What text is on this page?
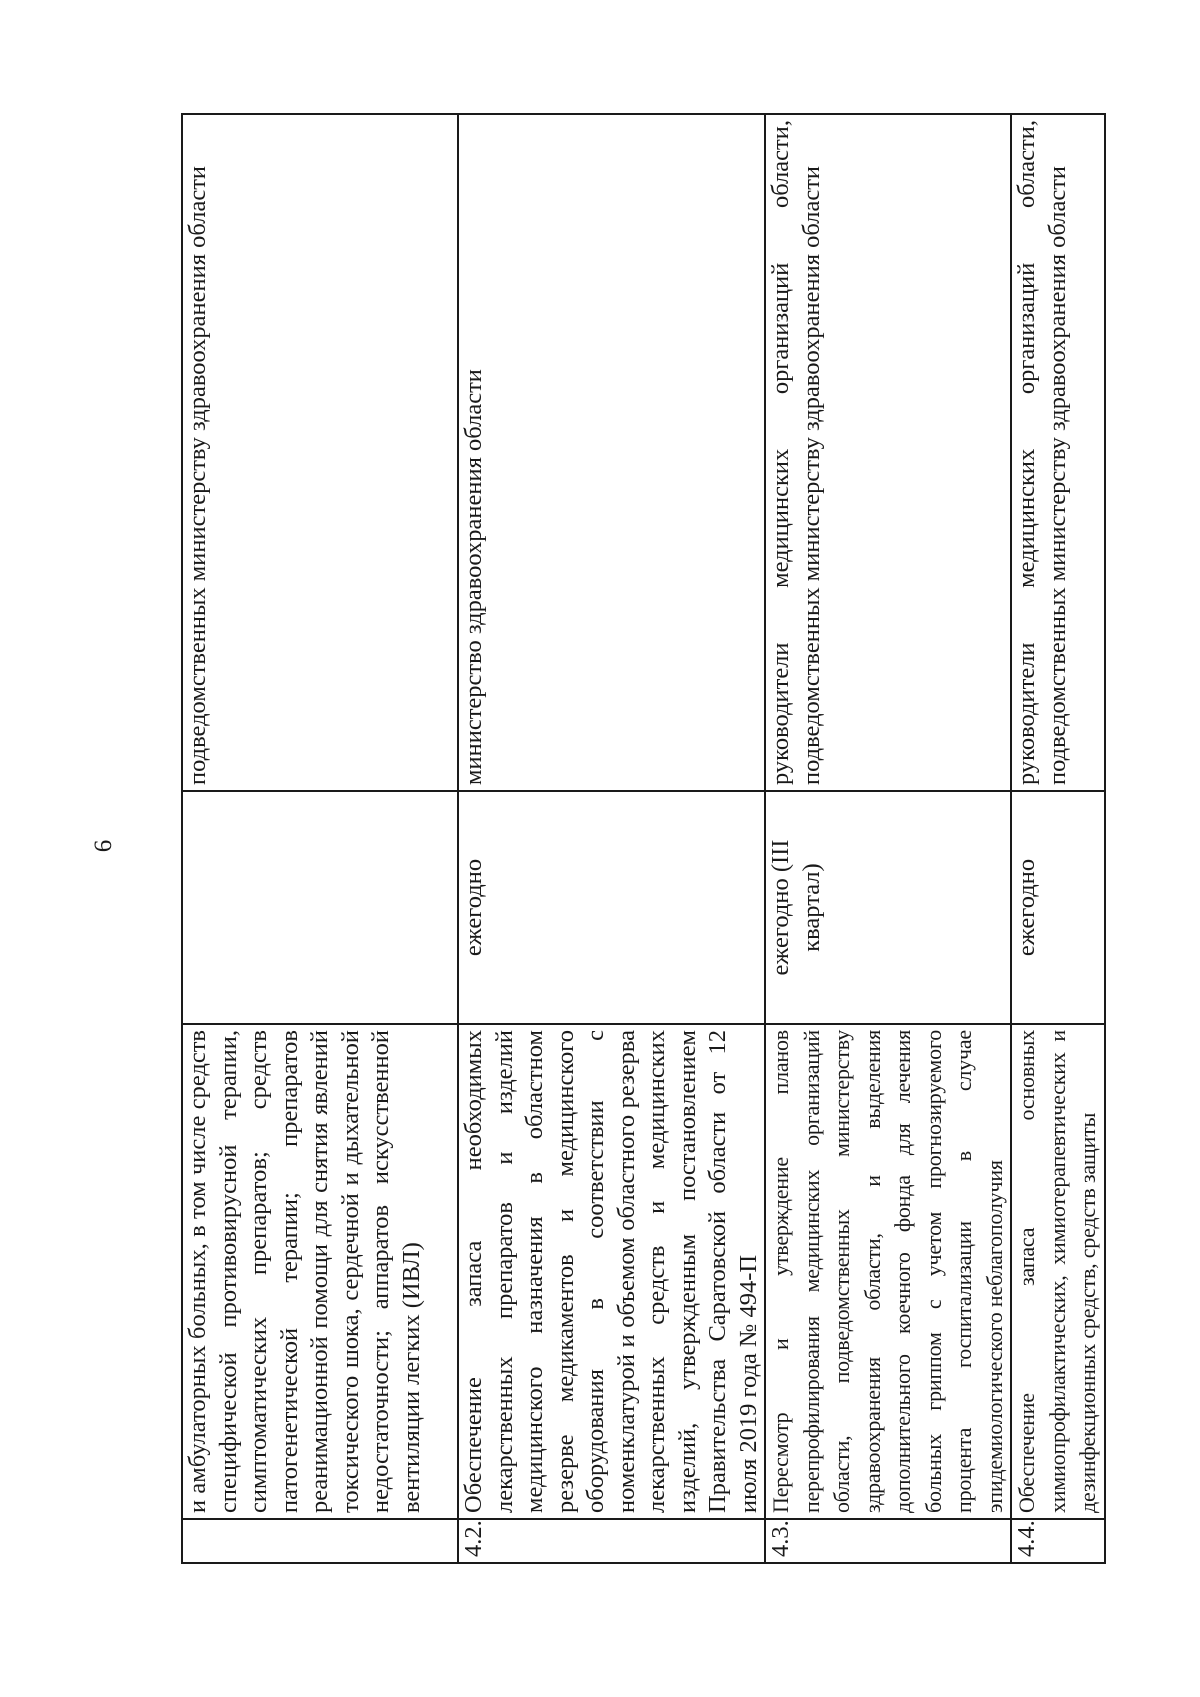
6
	и амбулаторных больных, в том числе средств специфической противовирусной терапии, симптоматических препаратов; средств патогенетической терапии; препаратов реанимационной помощи для снятия явлений токсического шока, сердечной и дыхательной недостаточности; аппаратов искусственной вентиляции легких (ИВЛ)		подведомственных министерству здравоохранения области
4.2.	Обеспечение запаса необходимых лекарственных препаратов и изделий медицинского назначения в областном резерве медикаментов и медицинского оборудования в соответствии с номенклатурой и объемом областного резерва лекарственных средств и медицинских изделий, утвержденным постановлением Правительства Саратовской области от 12 июля 2019 года № 494-П	ежегодно	министерство здравоохранения области
4.3.	Пересмотр и утверждение планов перепрофилирования медицинских организаций области, подведомственных министерству здравоохранения области, и выделения дополнительного коечного фонда для лечения больных гриппом с учетом прогнозируемого процента госпитализации в случае эпидемиологического неблагополучия	ежегодно (III квартал)	руководители медицинских организаций области, подведомственных министерству здравоохранения области
4.4.	Обеспечение запаса основных химиопрофилактических, химиотерапевтических и дезинфекционных средств, средств защиты	ежегодно	руководители медицинских организаций области, подведомственных министерству здравоохранения области
